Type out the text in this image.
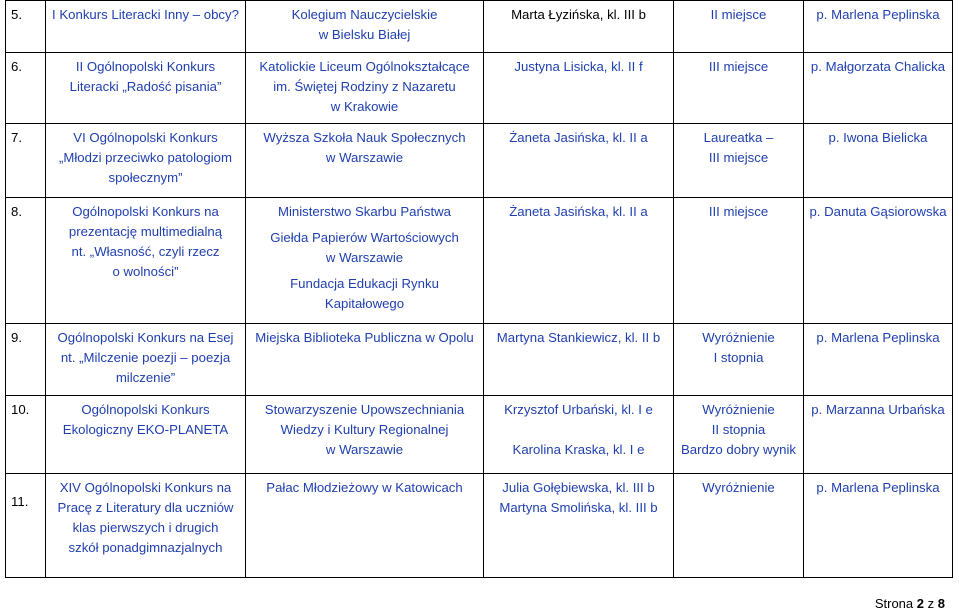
5.	I Konkurs Literacki Inny – obcy?	Kolegium Nauczycielskie
w Bielsku Białej	Marta Łyzińska, kl. III b	II miejsce	p. Marlena Peplinska

6.	II Ogólnopolski Konkurs
Literacki „Radość pisania”	Katolickie Liceum Ogólnokształcące
im. Świętej Rodziny z Nazaretu
w Krakowie	Justyna Lisicka, kl. II f	III miejsce	p. Małgorzata Chalicka

7.	VI Ogólnopolski Konkurs
„Młodzi przeciwko patologiom
społecznym”	Wyższa Szkoła Nauk Społecznych
w Warszawie	Żaneta Jasińska, kl. II a	Laureatka –
III miejsce	p. Iwona Bielicka

8.	Ogólnopolski Konkurs na
prezentację multimedialną
nt. „Własność, czyli rzecz
o wolności”	Ministerstwo Skarbu Państwa
Giełda Papierów Wartościowych
w Warszawie
Fundacja Edukacji Rynku
Kapitałowego	Żaneta Jasińska, kl. II a	III miejsce	p. Danuta Gąsiorowska

9.	Ogólnopolski Konkurs na Esej
nt. „Milczenie poezji – poezja
milczenie”	Miejska Biblioteka Publiczna w Opolu	Martyna Stankiewicz, kl. II b	Wyróżnienie
I stopnia	p. Marlena Peplinska

10.	Ogólnopolski Konkurs
Ekologiczny EKO-PLANETA	Stowarzyszenie Upowszechniania
Wiedzy i Kultury Regionalnej
w Warszawie	Krzysztof Urbański, kl. I e
Karolina Kraska, kl. I e	Wyróżnienie
II stopnia
Bardzo dobry wynik	p. Marzanna Urbańska

11.	XIV Ogólnopolski Konkurs na
Pracę z Literatury dla uczniów
klas pierwszych i drugich
szkół ponadgimnazjalnych	Pałac Młodzieżowy w Katowicach	Julia Gołębiewska, kl. III b
Martyna Smolińska, kl. III b	Wyróżnienie	p. Marlena Peplinska
Strona 2 z 8
